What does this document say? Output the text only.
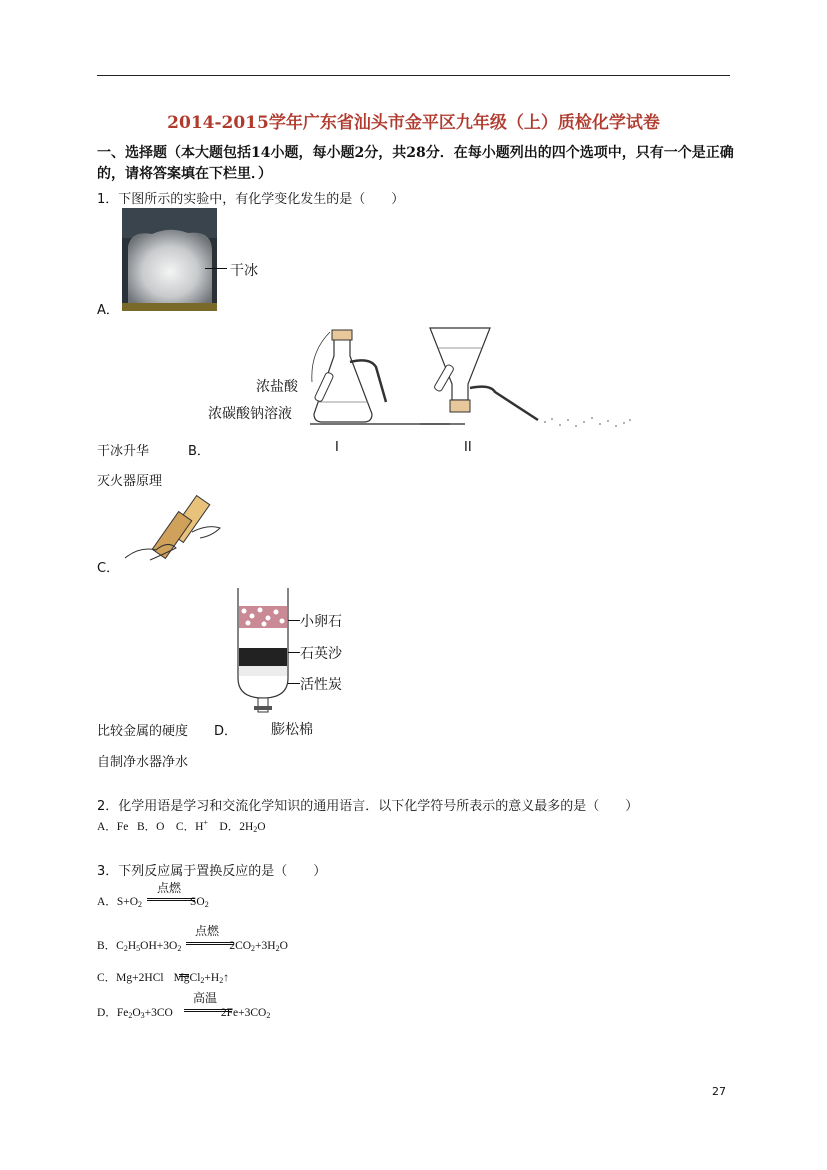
2014-2015学年广东省汕头市金平区九年级（上）质检化学试卷
一、选择题（本大题包括14小题，每小题2分，共28分．在每小题列出的四个选项中，只有一个是正确的，请将答案填在下栏里．）
1．下图所示的实验中，有化学变化发生的是（　　）
干冰
A．
浓盐酸
浓碳酸钠溶液
I	II
干冰升华	B．
灭火器原理
C．
小卵石
石英沙
活性炭
膨松棉
比较金属的硬度 D．
自制净水器净水
2．化学用语是学习和交流化学知识的通用语言．以下化学符号所表示的意义最多的是（　　）
A．Fe B．O C．H+ D．$2H_2O$
3．下列反应属于置换反应的是（　　）
A．$S+O_2$	$SO_2$
点燃
B．$C_2H_5OH+3O_2$	$2CO_2+3H_2O$
点燃
C．Mg+2HCl $MgCl_2+H_2↑$
D．$Fe_2O_3+3CO$	$2Fe+3CO_2$
高温
27
